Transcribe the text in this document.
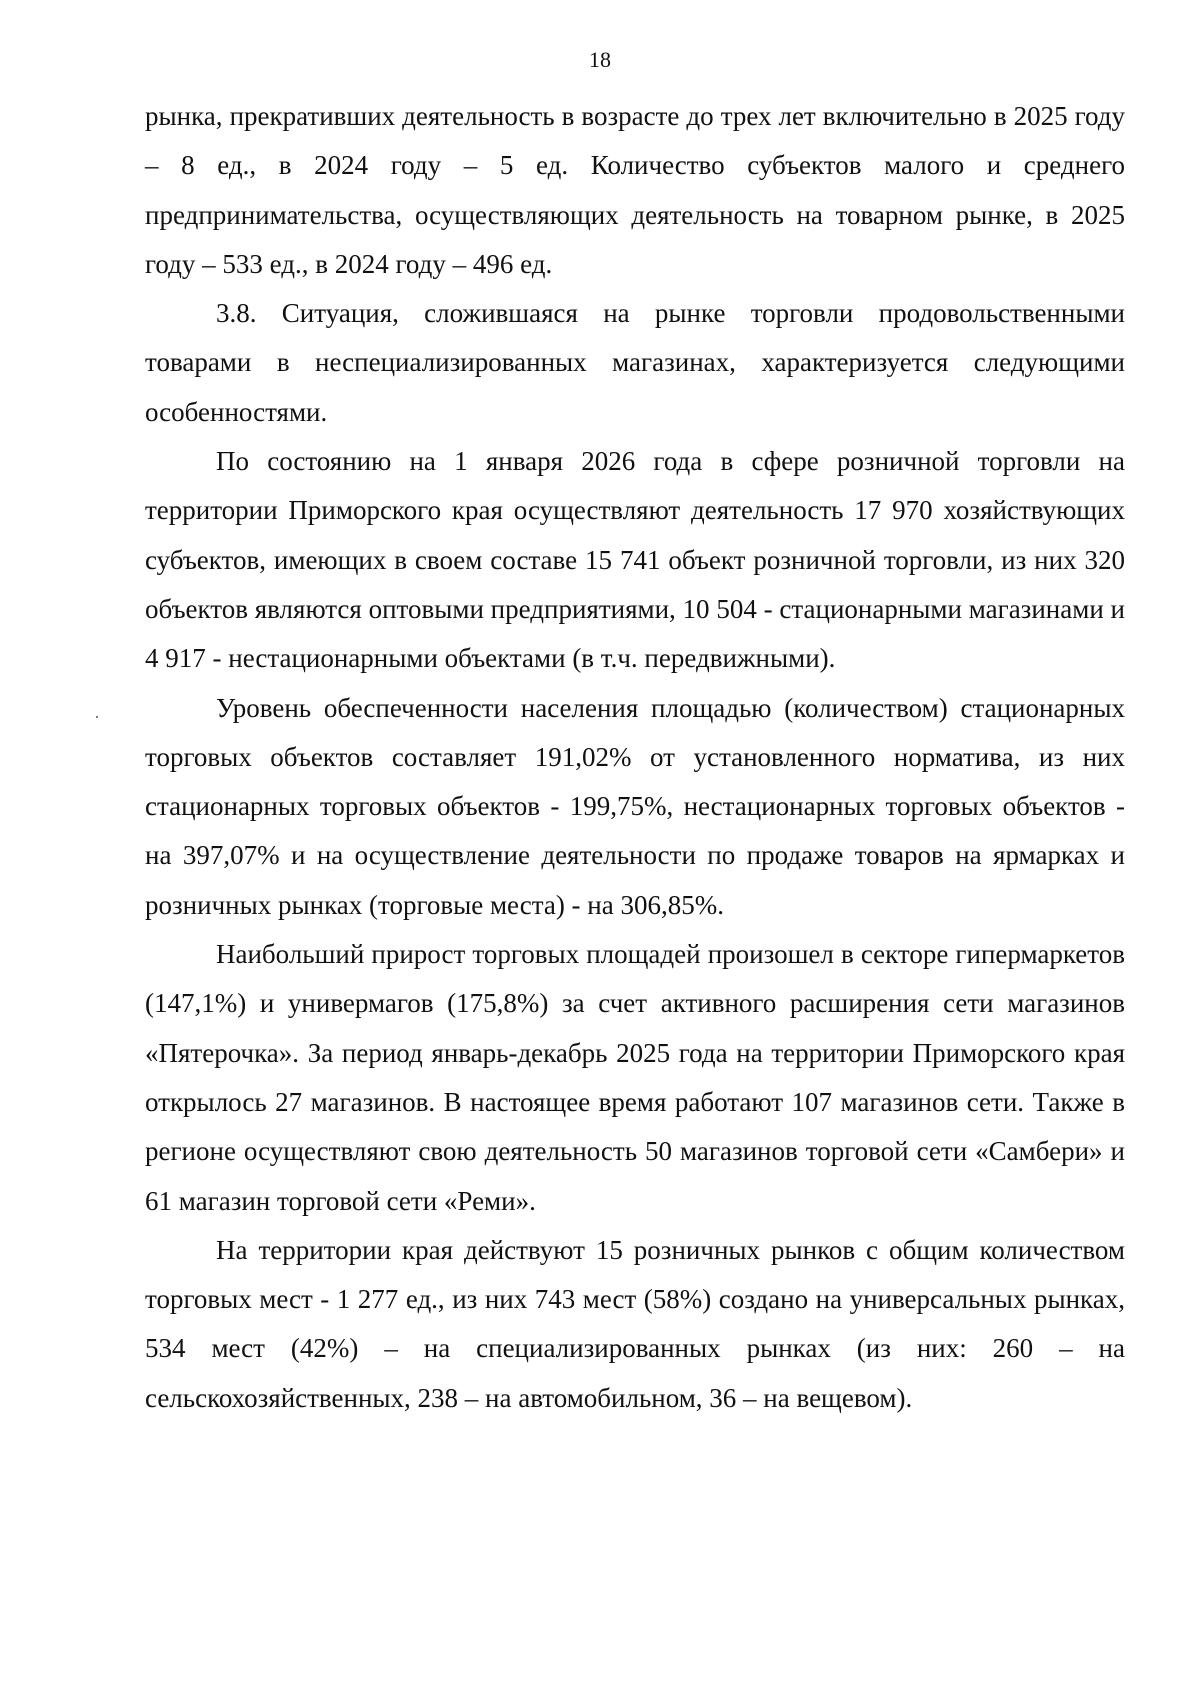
18

рынка, прекративших деятельность в возрасте до трех лет включительно в 2025 году – 8 ед., в 2024 году – 5 ед. Количество субъектов малого и среднего предпринимательства, осуществляющих деятельность на товарном рынке, в 2025 году – 533 ед., в 2024 году – 496 ед.

3.8. Ситуация, сложившаяся на рынке торговли продовольственными товарами в неспециализированных магазинах, характеризуется следующими особенностями.

По состоянию на 1 января 2026 года в сфере розничной торговли на территории Приморского края осуществляют деятельность 17 970 хозяйствующих субъектов, имеющих в своем составе 15 741 объект розничной торговли, из них 320 объектов являются оптовыми предприятиями, 10 504 - стационарными магазинами и 4 917 - нестационарными объектами (в т.ч. передвижными).

Уровень обеспеченности населения площадью (количеством) стационарных торговых объектов составляет 191,02% от установленного норматива, из них стационарных торговых объектов - 199,75%, нестационарных торговых объектов - на 397,07% и на осуществление деятельности по продаже товаров на ярмарках и розничных рынках (торговые места) - на 306,85%.

Наибольший прирост торговых площадей произошел в секторе гипермаркетов (147,1%) и универмагов (175,8%) за счет активного расширения сети магазинов «Пятерочка». За период январь-декабрь 2025 года на территории Приморского края открылось 27 магазинов. В настоящее время работают 107 магазинов сети. Также в регионе осуществляют свою деятельность 50 магазинов торговой сети «Самбери» и 61 магазин торговой сети «Реми».

На территории края действуют 15 розничных рынков с общим количеством торговых мест - 1 277 ед., из них 743 мест (58%) создано на универсальных рынках, 534 мест (42%) – на специализированных рынках (из них: 260 – на сельскохозяйственных, 238 – на автомобильном, 36 – на вещевом).
